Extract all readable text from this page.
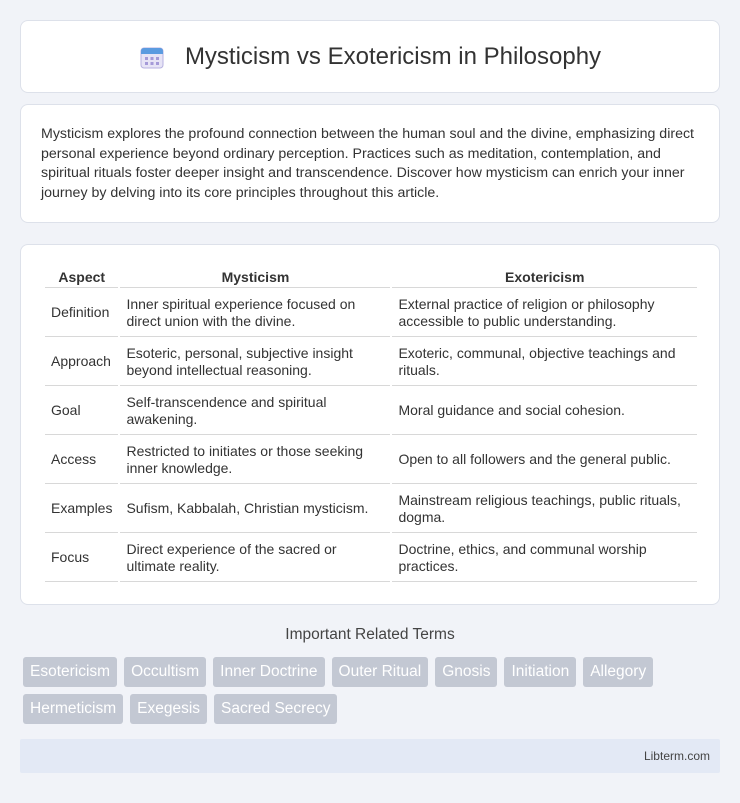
Mysticism vs Exotericism in Philosophy

Mysticism explores the profound connection between the human soul and the divine, emphasizing direct personal experience beyond ordinary perception. Practices such as meditation, contemplation, and spiritual rituals foster deeper insight and transcendence. Discover how mysticism can enrich your inner journey by delving into its core principles throughout this article.

Aspect	Mysticism	Exotericism
Definition	Inner spiritual experience focused on direct union with the divine.	External practice of religion or philosophy accessible to public understanding.
Approach	Esoteric, personal, subjective insight beyond intellectual reasoning.	Exoteric, communal, objective teachings and rituals.
Goal	Self-transcendence and spiritual awakening.	Moral guidance and social cohesion.
Access	Restricted to initiates or those seeking inner knowledge.	Open to all followers and the general public.
Examples	Sufism, Kabbalah, Christian mysticism.	Mainstream religious teachings, public rituals, dogma.
Focus	Direct experience of the sacred or ultimate reality.	Doctrine, ethics, and communal worship practices.
Important Related Terms
Esotericism	Occultism	Inner Doctrine	Outer Ritual	Gnosis	Initiation	Allegory
Hermeticism	Exegesis	Sacred Secrecy
Libterm.com
